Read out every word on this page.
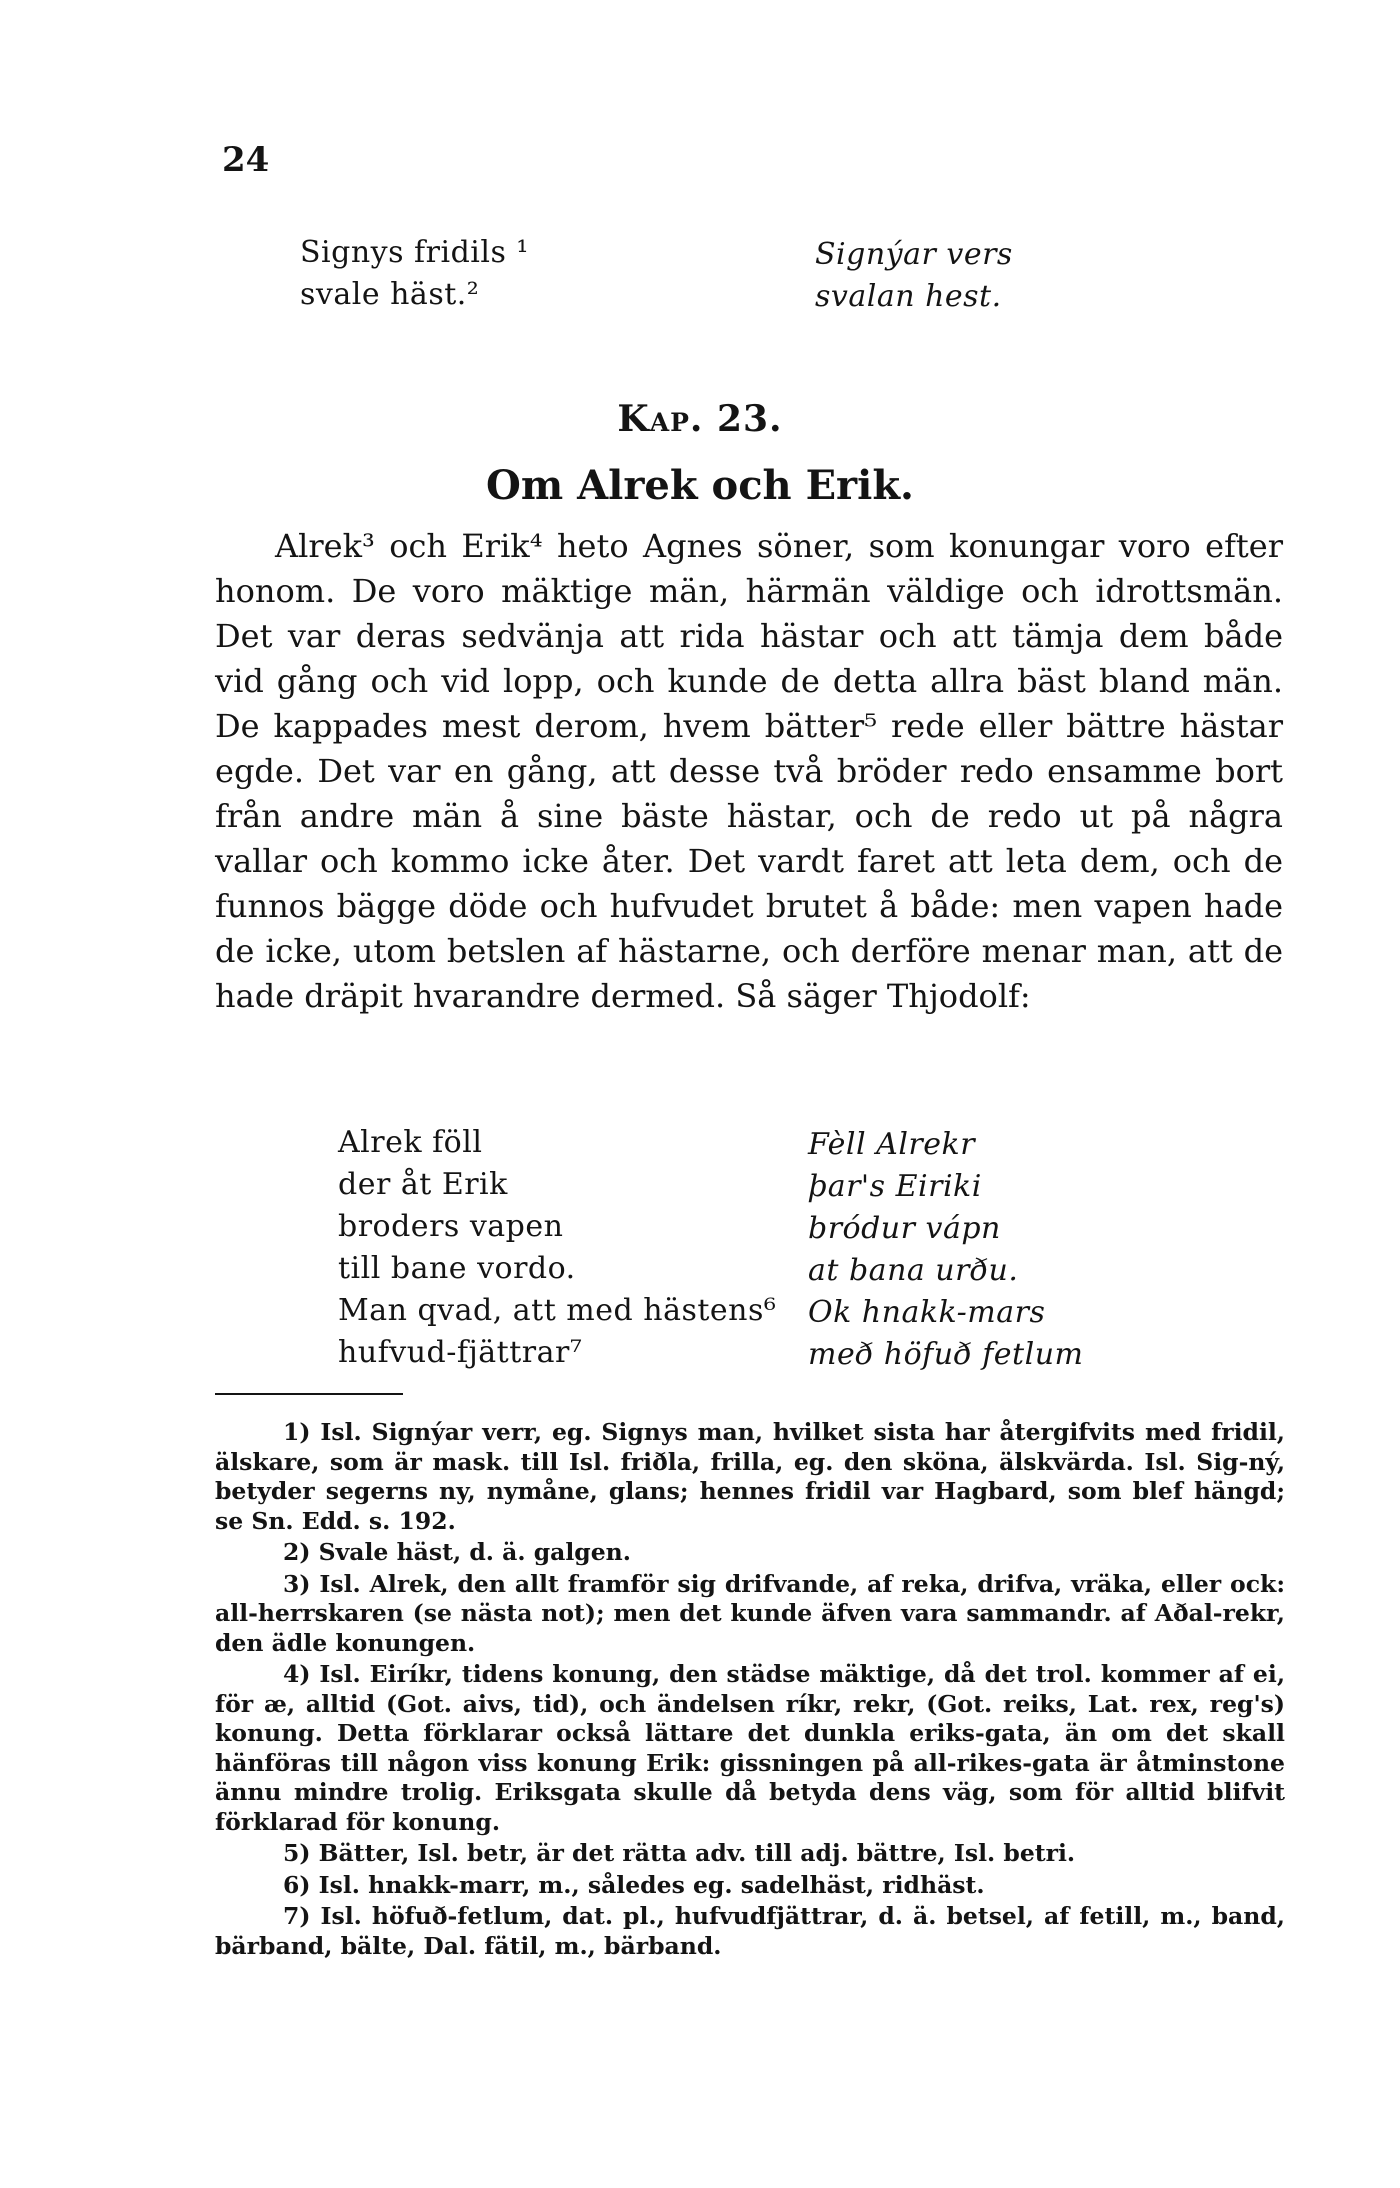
24
Signys fridils ¹
svale häst.²
Signýar vers
svalan hest.
Kap. 23.
Om Alrek och Erik.

Alrek³ och Erik⁴ heto Agnes söner, som konungar voro efter honom. De voro mäktige män, härmän väldige och idrottsmän. Det var deras sedvänja att rida hästar och att tämja dem både vid gång och vid lopp, och kunde de detta allra bäst bland män. De kappades mest derom, hvem bätter⁵ rede eller bättre hästar egde. Det var en gång, att desse två bröder redo ensamme bort från andre män å sine bäste hästar, och de redo ut på några vallar och kommo icke åter. Det vardt faret att leta dem, och de funnos bägge döde och hufvudet brutet å både: men vapen hade de icke, utom betslen af hästarne, och derföre menar man, att de hade dräpit hvarandre dermed. Så säger Thjodolf:

Alrek föll
der åt Erik
broders vapen
till bane vordo.
Man qvad, att med hästens⁶
hufvud-fjättrar⁷
Fèll Alrekr
þar's Eiriki
bródur vápn
at bana urðu.
Ok hnakk-mars
með höfuð fetlum

1) Isl. Signýar verr, eg. Signys man, hvilket sista har återgifvits med fridil, älskare, som är mask. till Isl. friðla, frilla, eg. den sköna, älskvärda. Isl. Sig-ný, betyder segerns ny, nymåne, glans; hennes fridil var Hagbard, som blef hängd; se Sn. Edd. s. 192.

2) Svale häst, d. ä. galgen.

3) Isl. Alrek, den allt framför sig drifvande, af reka, drifva, vräka, eller ock: all-herrskaren (se nästa not); men det kunde äfven vara sammandr. af Aðal-rekr, den ädle konungen.

4) Isl. Eiríkr, tidens konung, den städse mäktige, då det trol. kommer af ei, för æ, alltid (Got. aivs, tid), och ändelsen ríkr, rekr, (Got. reiks, Lat. rex, reg's) konung. Detta förklarar också lättare det dunkla eriks-gata, än om det skall hänföras till någon viss konung Erik: gissningen på all-rikes-gata är åtminstone ännu mindre trolig. Eriksgata skulle då betyda dens väg, som för alltid blifvit förklarad för konung.

5) Bätter, Isl. betr, är det rätta adv. till adj. bättre, Isl. betri.

6) Isl. hnakk-marr, m., således eg. sadelhäst, ridhäst.

7) Isl. höfuð-fetlum, dat. pl., hufvudfjättrar, d. ä. betsel, af fetill, m., band, bärband, bälte, Dal. fätil, m., bärband.
